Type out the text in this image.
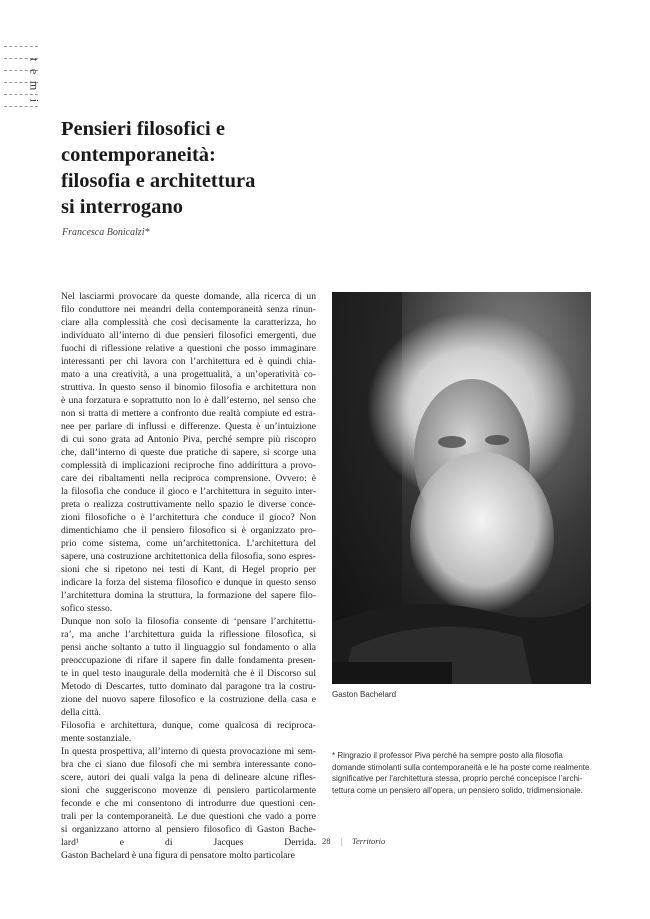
t
e
m
i
Pensieri filosofici e
contemporaneità:
filosofia e architettura
si interrogano
Francesca Bonicalzi*
Nel lasciarmi provocare da queste domande, alla ricerca di un
filo conduttore nei meandri della contemporaneità senza rinun-
ciare alla complessità che così decisamente la caratterizza, ho
individuato all’interno di due pensieri filosofici emergenti, due
fuochi di riflessione relative a questioni che posso immaginare
interessanti per chi lavora con l’architettura ed è quindi chia-
mato a una creatività, a una progettualità, a un’operatività co-
struttiva. In questo senso il binomio filosofia e architettura non
è una forzatura e soprattutto non lo è dall’esterno, nel senso che
non si tratta di mettere a confronto due realtà compiute ed estra-
nee per parlare di influssi e differenze. Questa è un’intuizione
di cui sono grata ad Antonio Piva, perché sempre più riscopro
che, dall’interno di queste due pratiche di sapere, si scorge una
complessità di implicazioni reciproche fino addirittura a provo-
care dei ribaltamenti nella reciproca comprensione. Ovvero: è
la filosofia che conduce il gioco e l’architettura in seguito inter-
preta o realizza costruttivamente nello spazio le diverse conce-
zioni filosofiche o è l’architettura che conduce il gioco? Non
dimentichiamo che il pensiero filosofico si è organizzato pro-
prio come sistema, come un’architettonica. L’architettura del
sapere, una costruzione architettonica della filosofia, sono espres-
sioni che si ripetono nei testi di Kant, di Hegel proprio per
indicare la forza del sistema filosofico e dunque in questo senso
l’architettura domina la struttura, la formazione del sapere filo-
sofico stesso.
Dunque non solo la filosofia consente di ‘pensare l’architettu-
ra’, ma anche l’architettura guida la riflessione filosofica, si
pensi anche soltanto a tutto il linguaggio sul fondamento o alla
preoccupazione di rifare il sapere fin dalle fondamenta presen-
te in quel testo inaugurale della modernità che è il Discorso sul
Metodo di Descartes, tutto dominato dal paragone tra la costru-
zione del nuovo sapere filosofico e la costruzione della casa e
della città.
Filosofia e architettura, dunque, come qualcosa di reciproca-
mente sostanziale.
In questa prospettiva, all’interno di questa provocazione mi sem-
bra che ci siano due filosofi che mi sembra interessante cono-
scere, autori dei quali valga la pena di delineare alcune rifles-
sioni che suggeriscono movenze di pensiero particolarmente
feconde e che mi consentono di introdurre due questioni cen-
trali per la contemporaneità. Le due questioni che vado a porre
si organizzano attorno al pensiero filosofico di Gaston Bache-
lard¹ e di Jacques Derrida.
Gaston Bachelard è una figura di pensatore molto particolare
Gaston Bachelard
* Ringrazio il professor Piva perché ha sempre posto alla filosofia
domande stimolanti sulla contemporaneità e le ha poste come realmente
significative per l’architettura stessa, proprio perché concepisce l’archi-
tettura come un pensiero all’opera, un pensiero solido, tridimensionale.
28 | Territorio
